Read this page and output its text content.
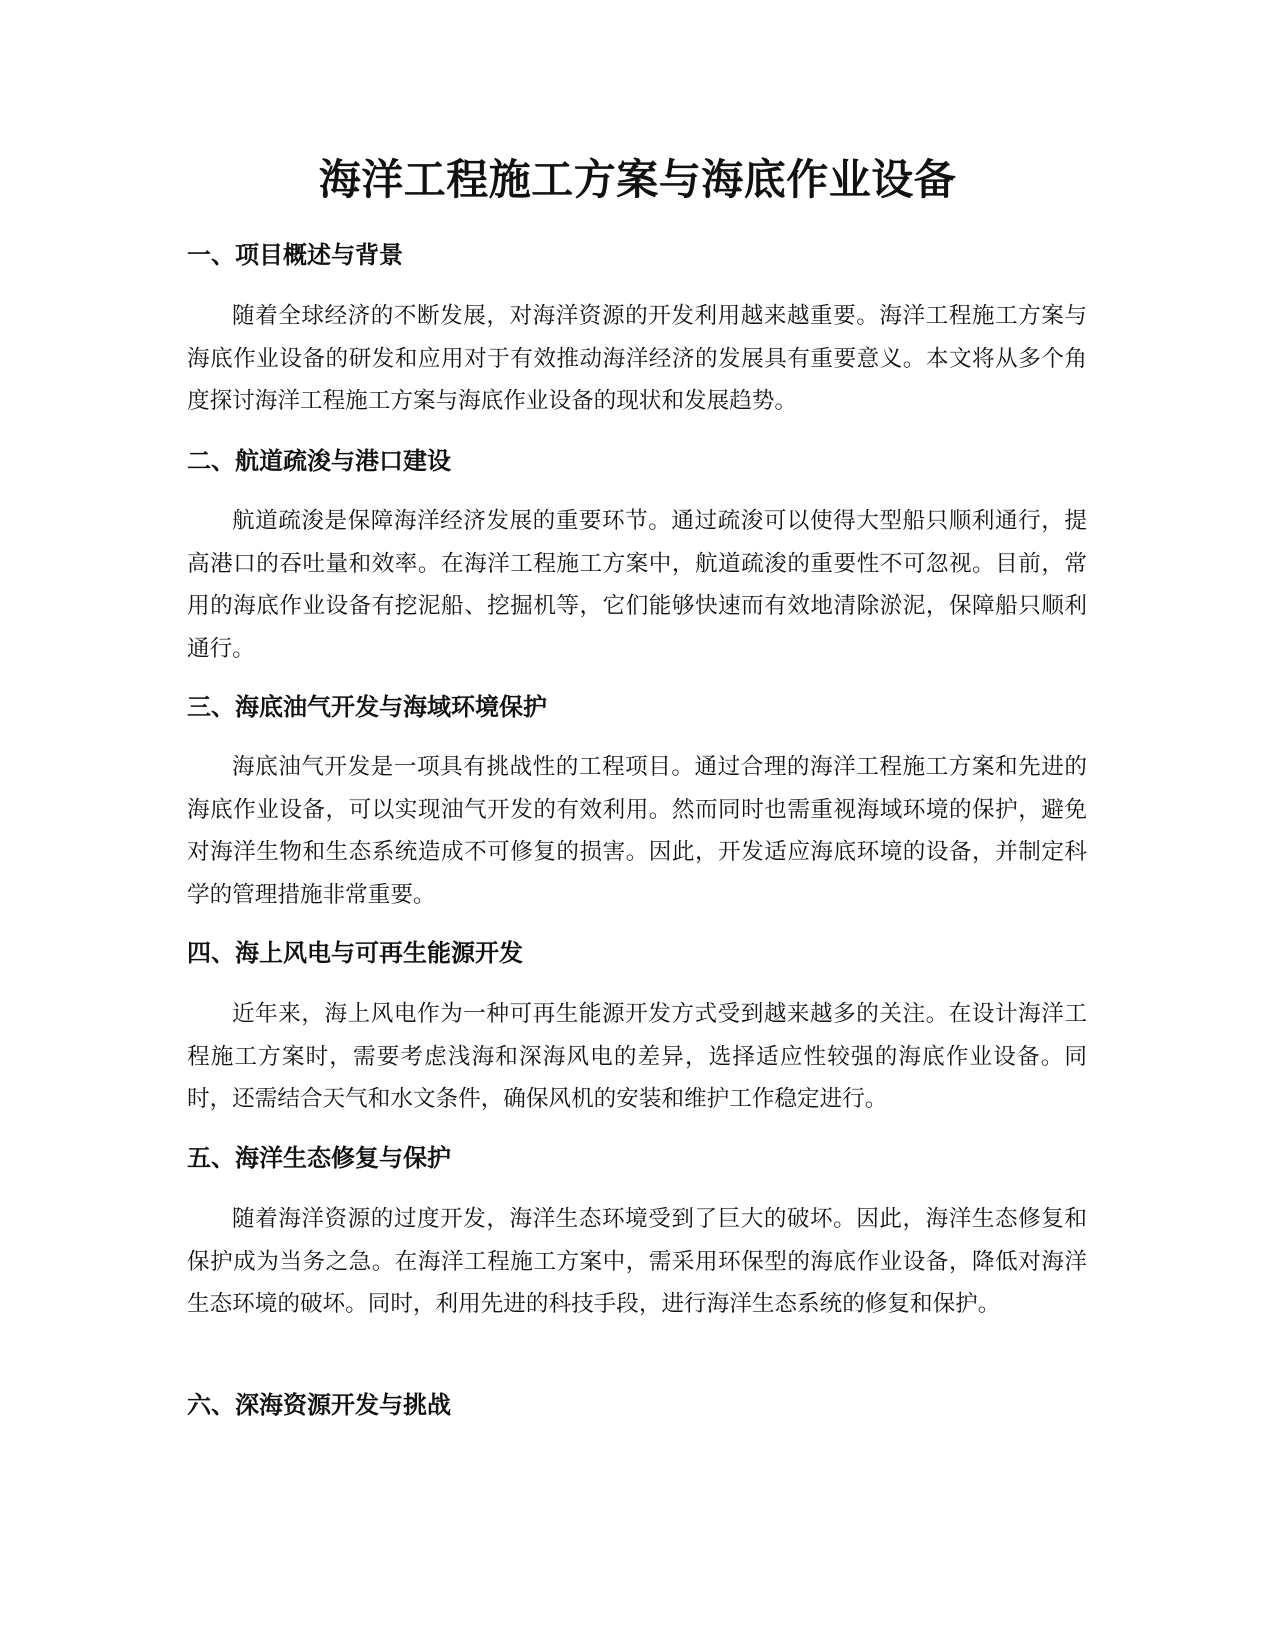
海洋工程施工方案与海底作业设备
一、项目概述与背景

随着全球经济的不断发展，对海洋资源的开发利用越来越重要。海洋工程施工方案与海底作业设备的研发和应用对于有效推动海洋经济的发展具有重要意义。本文将从多个角度探讨海洋工程施工方案与海底作业设备的现状和发展趋势。

二、航道疏浚与港口建设

航道疏浚是保障海洋经济发展的重要环节。通过疏浚可以使得大型船只顺利通行，提高港口的吞吐量和效率。在海洋工程施工方案中，航道疏浚的重要性不可忽视。目前，常用的海底作业设备有挖泥船、挖掘机等，它们能够快速而有效地清除淤泥，保障船只顺利通行。

三、海底油气开发与海域环境保护

海底油气开发是一项具有挑战性的工程项目。通过合理的海洋工程施工方案和先进的海底作业设备，可以实现油气开发的有效利用。然而同时也需重视海域环境的保护，避免对海洋生物和生态系统造成不可修复的损害。因此，开发适应海底环境的设备，并制定科学的管理措施非常重要。

四、海上风电与可再生能源开发

近年来，海上风电作为一种可再生能源开发方式受到越来越多的关注。在设计海洋工程施工方案时，需要考虑浅海和深海风电的差异，选择适应性较强的海底作业设备。同时，还需结合天气和水文条件，确保风机的安装和维护工作稳定进行。

五、海洋生态修复与保护

随着海洋资源的过度开发，海洋生态环境受到了巨大的破坏。因此，海洋生态修复和保护成为当务之急。在海洋工程施工方案中，需采用环保型的海底作业设备，降低对海洋生态环境的破坏。同时，利用先进的科技手段，进行海洋生态系统的修复和保护。

六、深海资源开发与挑战
